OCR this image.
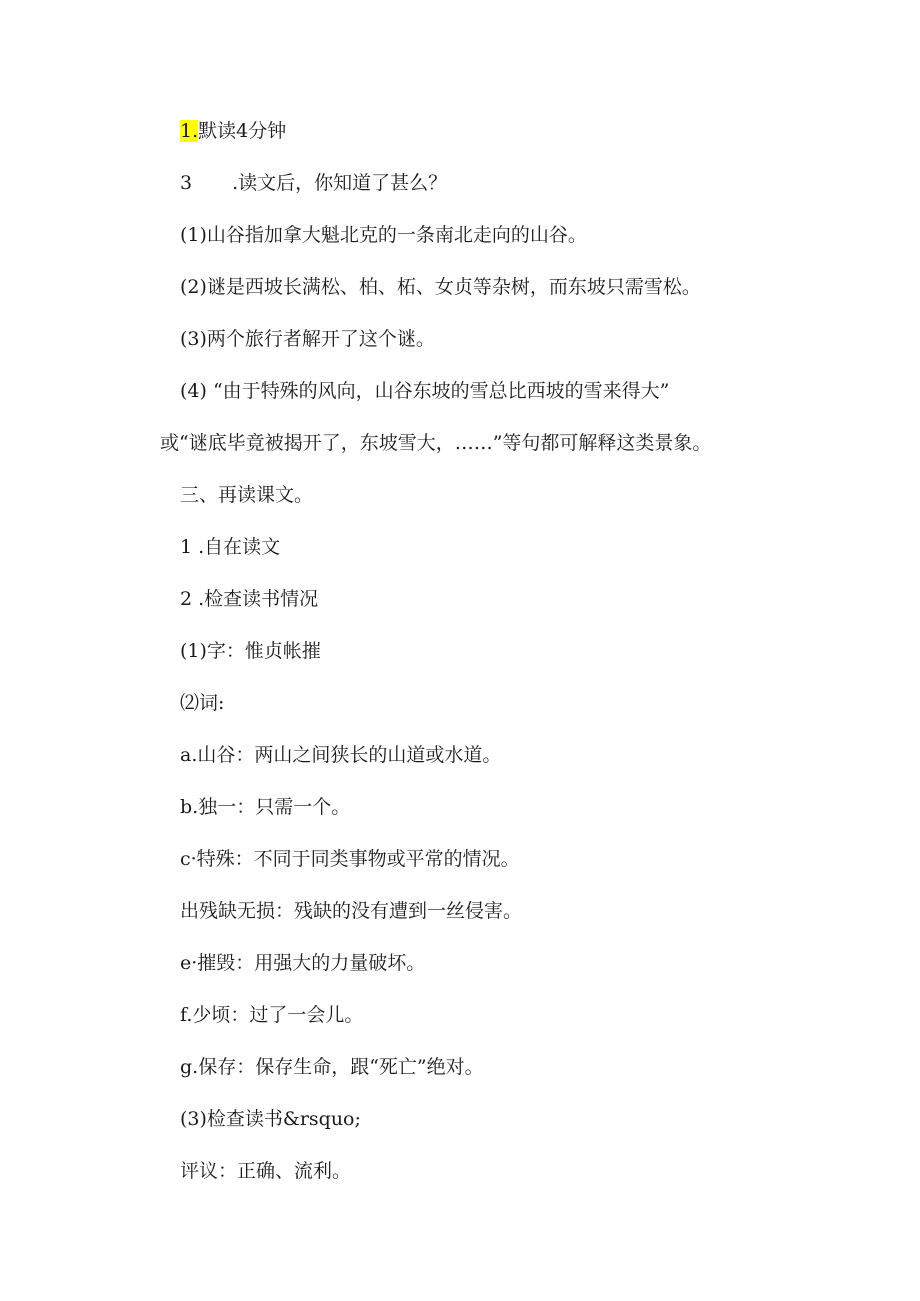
1.默读4分钟
3 .读文后，你知道了甚么？
(1)山谷指加拿大魁北克的一条南北走向的山谷。
(2)谜是西坡长满松、柏、柘、女贞等杂树，而东坡只需雪松。
(3)两个旅行者解开了这个谜。
(4) “由于特殊的风向，山谷东坡的雪总比西坡的雪来得大”
或“谜底毕竟被揭开了，东坡雪大，……”等句都可解释这类景象。
三、再读课文。
1 .自在读文
2 .检查读书情况
(1)字：惟贞帐摧
⑵词:
a.山谷：两山之间狭长的山道或水道。
b.独一：只需一个。
c·特殊：不同于同类事物或平常的情况。
出残缺无损：残缺的没有遭到一丝侵害。
e·摧毁：用强大的力量破坏。
f.少顷：过了一会儿。
g.保存：保存生命，跟“死亡”绝对。
(3)检查读书&rsquo;
评议：正确、流利。
